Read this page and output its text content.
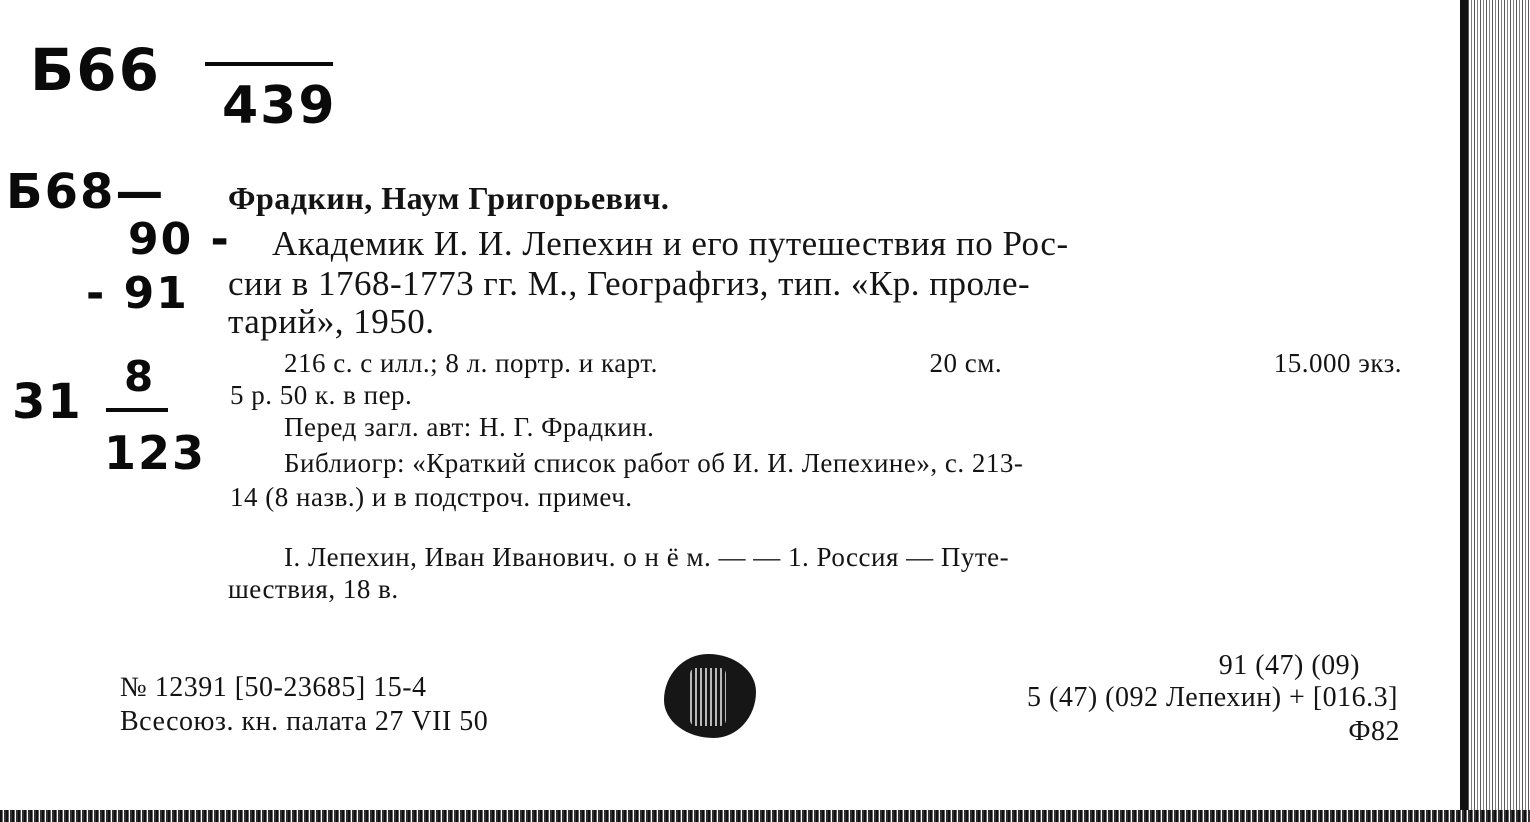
Б66
439
Б68—
90 -
- 91
31 8
123
Фрадкин, Наум Григорьевич.
Академик И. И. Лепехин и его путешествия по Рос-
сии в 1768-1773 гг. М., Географгиз, тип. «Кр. проле-
тарий», 1950.
216 с. с илл.; 8 л. портр. и карт.	20 см.	15.000 экз.
5 р. 50 к. в пер.
Перед загл. авт: Н. Г. Фрадкин.
Библиогр: «Краткий список работ об И. И. Лепехине», с. 213-
14 (8 назв.) и в подстроч. примеч.
I. Лепехин, Иван Иванович. о н ё м. — — 1. Россия — Путе-
шествия, 18 в.
№ 12391 [50-23685] 15-4
Всесоюз. кн. палата 27 VII 50
91 (47) (09)
5 (47) (092 Лепехин) + [016.3]
Ф82
